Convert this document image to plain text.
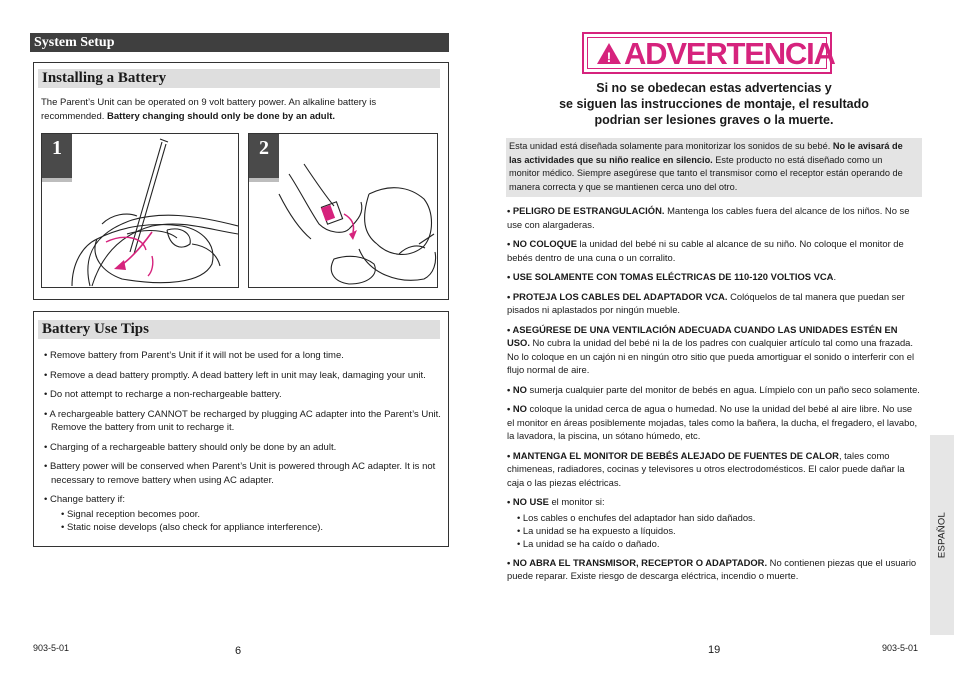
System Setup
Installing a Battery
The Parent’s Unit can be operated on 9 volt battery power. An alkaline battery is recommended. Battery changing should only be done by an adult.
1	2
Battery Use Tips
• Remove battery from Parent’s Unit if it will not be used for a long time.
• Remove a dead battery promptly. A dead battery left in unit may leak, damaging your unit.
• Do not attempt to recharge a non-rechargeable battery.
• A rechargeable battery CANNOT be recharged by plugging AC adapter into the Parent’s Unit. Remove the battery from unit to recharge it.
• Charging of a rechargeable battery should only be done by an adult.
• Battery power will be conserved when Parent’s Unit is powered through AC adapter. It is not necessary to remove battery when using AC adapter.
• Change battery if:
• Signal reception becomes poor.
• Static noise develops (also check for appliance interference).
903-5-01	6
! ADVERTENCIA
Si no se obedecan estas advertencias y
se siguen las instrucciones de montaje, el resultado
podrian ser lesiones graves o la muerte.
Esta unidad está diseñada solamente para monitorizar los sonidos de su bebé. No le avisará de las actividades que su niño realice en silencio. Este producto no está diseñado como un monitor médico. Siempre asegúrese que tanto el transmisor como el receptor están operando de manera correcta y que se mantienen cerca uno del otro.

• PELIGRO DE ESTRANGULACIÓN. Mantenga los cables fuera del alcance de los niños. No se use con alargaderas.

• NO COLOQUE la unidad del bebé ni su cable al alcance de su niño. No coloque el monitor de bebés dentro de una cuna o un corralito.

• USE SOLAMENTE CON TOMAS ELÉCTRICAS DE 110-120 VOLTIOS VCA.

• PROTEJA LOS CABLES DEL ADAPTADOR VCA. Colóquelos de tal manera que puedan ser pisados ni aplastados por ningún mueble.

• ASEGÚRESE DE UNA VENTILACIÓN ADECUADA CUANDO LAS UNIDADES ESTÉN EN USO. No cubra la unidad del bebé ni la de los padres con cualquier artículo tal como una frazada. No lo coloque en un cajón ni en ningún otro sitio que pueda amortiguar el sonido o interferir con el flujo normal de aire.

• NO sumerja cualquier parte del monitor de bebés en agua. Límpielo con un paño seco solamente.

• NO coloque la unidad cerca de agua o humedad. No use la unidad del bebé al aire libre. No use el monitor en áreas posiblemente mojadas, tales como la bañera, la ducha, el fregadero, el lavabo, la lavadora, la piscina, un sótano húmedo, etc.

• MANTENGA EL MONITOR DE BEBÉS ALEJADO DE FUENTES DE CALOR, tales como chimeneas, radiadores, cocinas y televisores u otros electrodomésticos. El calor puede dañar la caja o las piezas eléctricas.

• NO USE el monitor si:

• Los cables o enchufes del adaptador han sido dañados.
• La unidad se ha expuesto a líquidos.
• La unidad se ha caído o dañado.

• NO ABRA EL TRANSMISOR, RECEPTOR O ADAPTADOR. No contienen piezas que el usuario puede reparar. Existe riesgo de descarga eléctrica, incendio o muerte.

ESPAÑOL
19	903-5-01
